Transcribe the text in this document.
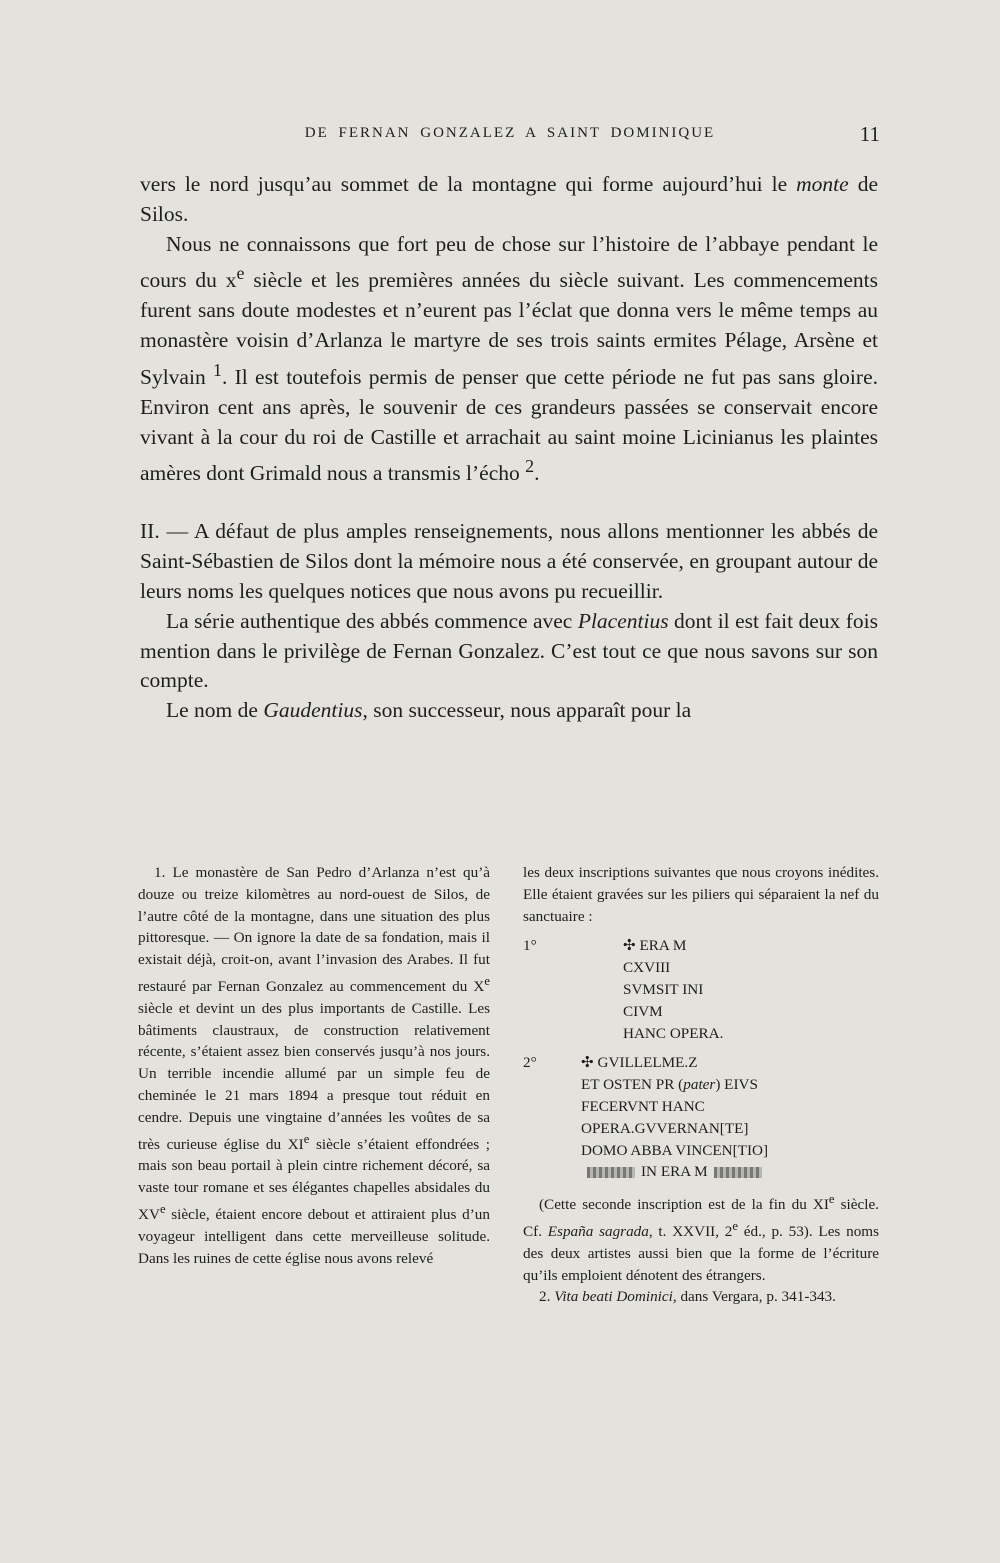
DE FERNAN GONZALEZ A SAINT DOMINIQUE	11

vers le nord jusqu’au sommet de la montagne qui forme aujourd’hui le monte de Silos.

Nous ne connaissons que fort peu de chose sur l’histoire de l’abbaye pendant le cours du $x^e$ siècle et les premières années du siècle suivant. Les commencements furent sans doute modestes et n’eurent pas l’éclat que donna vers le même temps au monastère voisin d’Arlanza le martyre de ses trois saints ermites Pélage, Arsène et Sylvain $^1$. Il est toutefois permis de penser que cette période ne fut pas sans gloire. Environ cent ans après, le souvenir de ces grandeurs passées se conservait encore vivant à la cour du roi de Castille et arrachait au saint moine Licinianus les plaintes amères dont Grimald nous a transmis l’écho $^2$.

II. — A défaut de plus amples renseignements, nous allons mentionner les abbés de Saint-Sébastien de Silos dont la mémoire nous a été conservée, en groupant autour de leurs noms les quelques notices que nous avons pu recueillir.

La série authentique des abbés commence avec Placentius dont il est fait deux fois mention dans le privilège de Fernan Gonzalez. C’est tout ce que nous savons sur son compte.

Le nom de Gaudentius, son successeur, nous apparaît pour la

1. Le monastère de San Pedro d’Arlanza n’est qu’à douze ou treize kilomètres au nord-ouest de Silos, de l’autre côté de la montagne, dans une situation des plus pittoresque. — On ignore la date de sa fondation, mais il existait déjà, croit-on, avant l’invasion des Arabes. Il fut restauré par Fernan Gonzalez au commencement du Xe siècle et devint un des plus importants de Castille. Les bâtiments claustraux, de construction relativement récente, s’étaient assez bien conservés jusqu’à nos jours. Un terrible incendie allumé par un simple feu de cheminée le 21 mars 1894 a presque tout réduit en cendre. Depuis une vingtaine d’années les voûtes de sa très curieuse église du XIe siècle s’étaient effondrées ; mais son beau portail à plein cintre richement décoré, sa vaste tour romane et ses élégantes chapelles absidales du XVe siècle, étaient encore debout et attiraient plus d’un voyageur intelligent dans cette merveilleuse solitude. Dans les ruines de cette église nous avons relevé

les deux inscriptions suivantes que nous croyons inédites. Elle étaient gravées sur les piliers qui séparaient la nef du sanctuaire :

1°	✣ ERA M
CXVIII
SVMSIT INI
CIVM
HANC OPERA.
2°	✣ GVILLELME.Z
ET OSTEN PR (pater) EIVS
FECERVNT HANC
OPERA.GVVERNAN[TE]
DOMO ABBA VINCEN[TIO]
IN ERA M

(Cette seconde inscription est de la fin du XIe siècle. Cf. España sagrada, t. XXVII, 2e éd., p. 53). Les noms des deux artistes aussi bien que la forme de l’écriture qu’ils emploient dénotent des étrangers.

2. Vita beati Dominici, dans Vergara, p. 341-343.
